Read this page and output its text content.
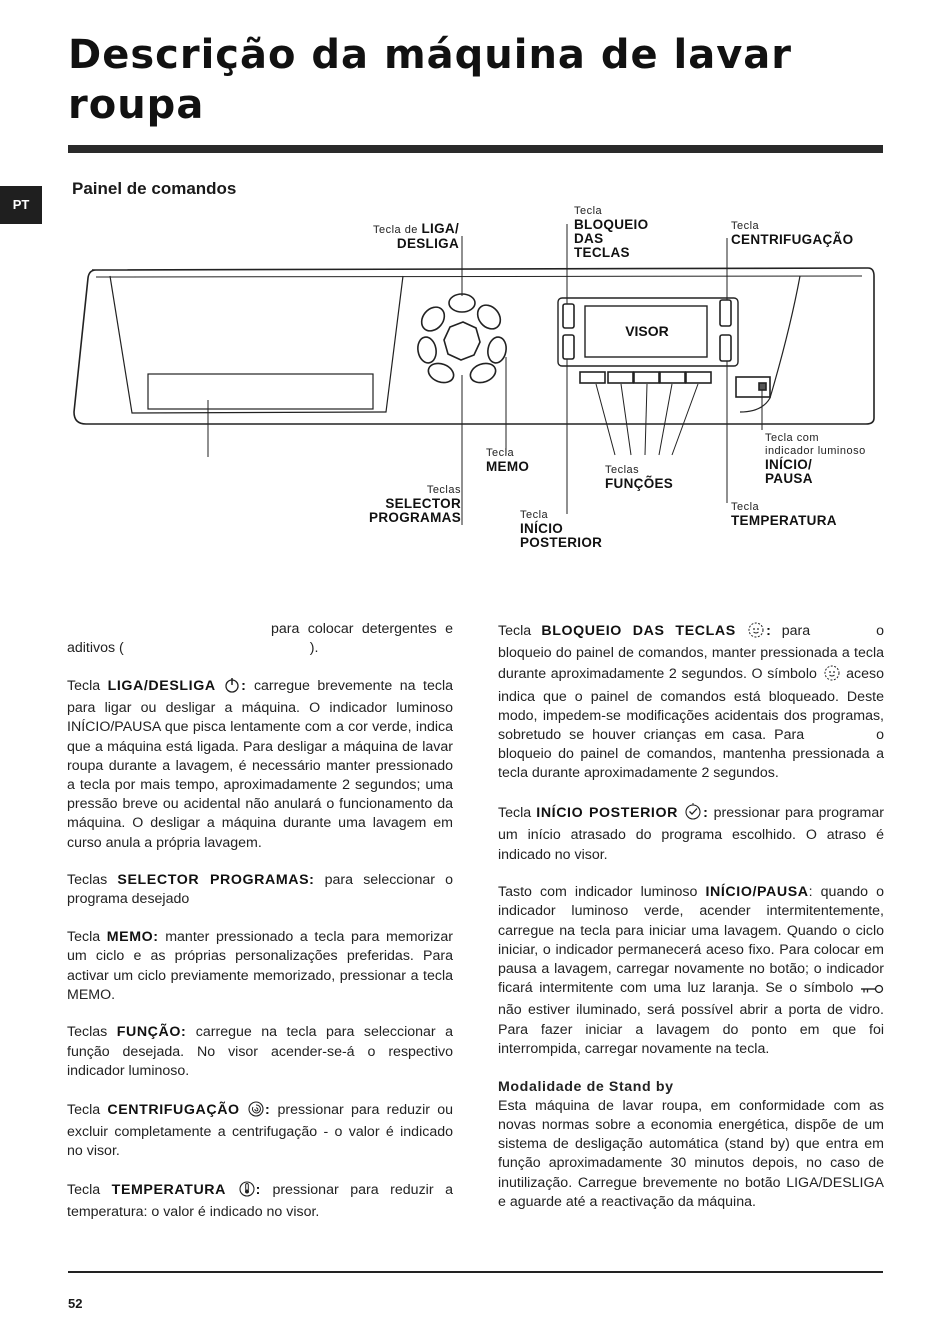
Descrição da máquina de lavar roupa
PT
Painel de comandos
VISOR
Tecla de LIGA/
DESLIGA
Tecla
BLOQUEIO
DAS
TECLAS
Tecla
CENTRIFUGAÇÃO
Tecla
MEMO	Teclas
FUNÇÕES
Tecla com
indicador luminoso
INÍCIO/
PAUSA
Teclas
SELECTOR
PROGRAMAS	Tecla
INÍCIO
POSTERIOR
Tecla
TEMPERATURA

para colocar detergentes e aditivos (	).

Tecla LIGA/DESLIGA : carregue brevemente na tecla para ligar ou desligar a máquina. O indicador luminoso INÍCIO/PAUSA que pisca lentamente com a cor verde, indica que a máquina está ligada. Para desligar a máquina de lavar roupa durante a lavagem, é necessário manter pressionado a tecla por mais tempo, aproximadamente 2 segundos; uma pressão breve ou acidental não anulará o funcionamento da máquina. O desligar a máquina durante uma lavagem em curso anula a própria lavagem.

Teclas SELECTOR PROGRAMAS: para seleccionar o programa desejado

Tecla MEMO: manter pressionado a tecla para memorizar um ciclo e as próprias personalizações preferidas. Para activar um ciclo previamente memorizado, pressionar a tecla MEMO.

Teclas FUNÇÃO: carregue na tecla para seleccionar a função desejada. No visor acender-se-á o respectivo indicador luminoso.

Tecla CENTRIFUGAÇÃO : pressionar para reduzir ou excluir completamente a centrifugação - o valor é indicado no visor.

Tecla TEMPERATURA : pressionar para reduzir a temperatura: o valor é indicado no visor.

Tecla BLOQUEIO DAS TECLAS : para	o bloqueio do painel de comandos, manter pressionada a tecla durante aproximadamente 2 segundos. O símbolo  aceso indica que o painel de comandos está bloqueado. Deste modo, impedem-se modificações acidentais dos programas, sobretudo se houver crianças em casa. Para	o bloqueio do painel de comandos, mantenha pressionada a tecla durante aproximadamente 2 segundos.

Tecla INÍCIO POSTERIOR : pressionar para programar um início atrasado do programa escolhido. O atraso é indicado no visor.

Tasto com indicador luminoso INÍCIO/PAUSA: quando o indicador luminoso verde, acender intermitentemente, carregue na tecla para iniciar uma lavagem. Quando o ciclo iniciar, o indicador permanecerá aceso fixo. Para colocar em pausa a lavagem, carregar novamente no botão; o indicador ficará intermitente com uma luz laranja. Se o símbolo  não estiver iluminado, será possível abrir a porta de vidro. Para fazer iniciar a lavagem do ponto em que foi interrompida, carregar novamente na tecla.

Modalidade de Stand by
Esta máquina de lavar roupa, em conformidade com as novas normas sobre a economia energética, dispõe de um sistema de desligação automática (stand by) que entra em função aproximadamente 30 minutos depois, no caso de inutilização. Carregue brevemente no botão LIGA/DESLIGA e aguarde até a reactivação da máquina.

52
